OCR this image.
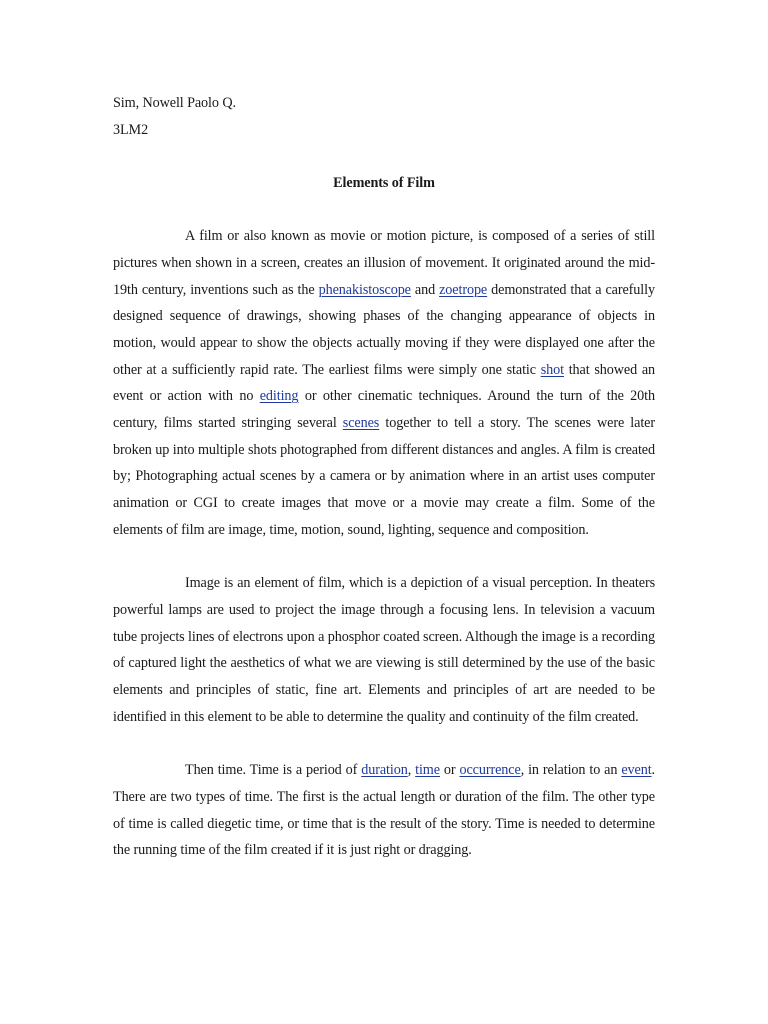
Sim, Nowell Paolo Q.

3LM2

Elements of Film

A film or also known as movie or motion picture, is composed of a series of still pictures when shown in a screen, creates an illusion of movement. It originated around the mid-19th century, inventions such as the phenakistoscope and zoetrope demonstrated that a carefully designed sequence of drawings, showing phases of the changing appearance of objects in motion, would appear to show the objects actually moving if they were displayed one after the other at a sufficiently rapid rate. The earliest films were simply one static shot that showed an event or action with no editing or other cinematic techniques. Around the turn of the 20th century, films started stringing several scenes together to tell a story. The scenes were later broken up into multiple shots photographed from different distances and angles. A film is created by; Photographing actual scenes by a camera or by animation where in an artist uses computer animation or CGI to create images that move or a movie may create a film. Some of the elements of film are image, time, motion, sound, lighting, sequence and composition.

Image is an element of film, which is a depiction of a visual perception. In theaters powerful lamps are used to project the image through a focusing lens. In television a vacuum tube projects lines of electrons upon a phosphor coated screen. Although the image is a recording of captured light the aesthetics of what we are viewing is still determined by the use of the basic elements and principles of static, fine art. Elements and principles of art are needed to be identified in this element to be able to determine the quality and continuity of the film created.

Then time. Time is a period of duration, time or occurrence, in relation to an event. There are two types of time. The first is the actual length or duration of the film. The other type of time is called diegetic time, or time that is the result of the story. Time is needed to determine the running time of the film created if it is just right or dragging.
